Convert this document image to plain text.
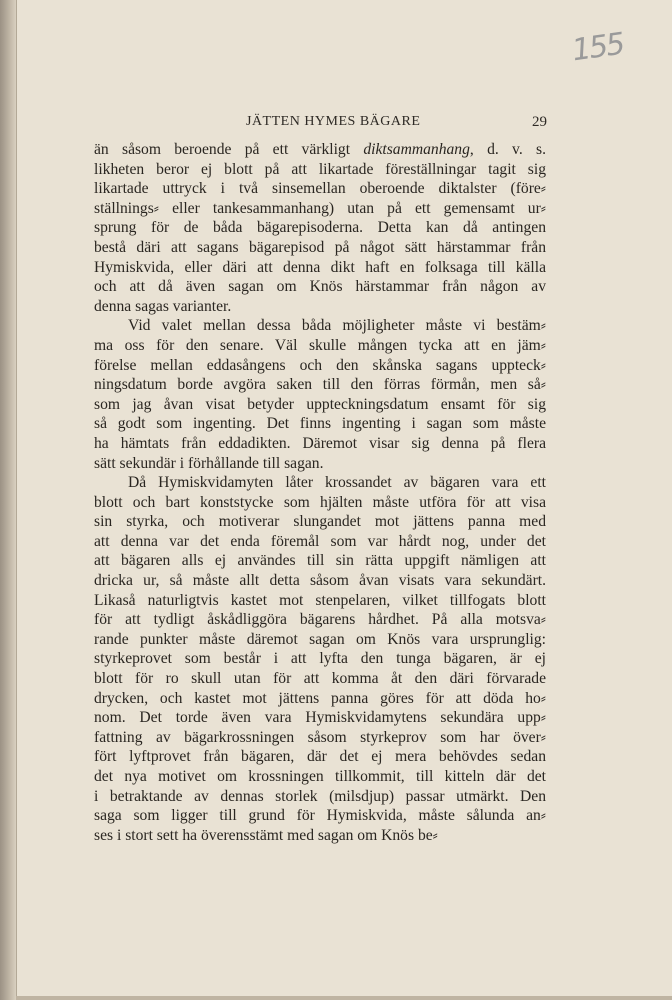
155
JÄTTEN HYMES BÄGARE	29
än såsom beroende på ett värkligt diktsammanhang, d. v. s.
likheten beror ej blott på att likartade föreställningar tagit sig
likartade uttryck i två sinsemellan oberoende diktalster (före⸗
ställnings⸗ eller tankesammanhang) utan på ett gemensamt ur⸗
sprung för de båda bägarepisoderna. Detta kan då antingen
bestå däri att sagans bägarepisod på något sätt härstammar från
Hymiskvida, eller däri att denna dikt haft en folksaga till källa
och att då även sagan om Knös härstammar från någon av
denna sagas varianter.
Vid valet mellan dessa båda möjligheter måste vi bestäm⸗
ma oss för den senare. Väl skulle mången tycka att en jäm⸗
förelse mellan eddasångens och den skånska sagans uppteck⸗
ningsdatum borde avgöra saken till den förras förmån, men så⸗
som jag åvan visat betyder uppteckningsdatum ensamt för sig
så godt som ingenting. Det finns ingenting i sagan som måste
ha hämtats från eddadikten. Däremot visar sig denna på flera
sätt sekundär i förhållande till sagan.
Då Hymiskvidamyten låter krossandet av bägaren vara ett
blott och bart konststycke som hjälten måste utföra för att visa
sin styrka, och motiverar slungandet mot jättens panna med
att denna var det enda föremål som var hårdt nog, under det
att bägaren alls ej användes till sin rätta uppgift nämligen att
dricka ur, så måste allt detta såsom åvan visats vara sekundärt.
Likaså naturligtvis kastet mot stenpelaren, vilket tillfogats blott
för att tydligt åskådliggöra bägarens hårdhet. På alla motsva⸗
rande punkter måste däremot sagan om Knös vara ursprunglig:
styrkeprovet som består i att lyfta den tunga bägaren, är ej
blott för ro skull utan för att komma åt den däri förvarade
drycken, och kastet mot jättens panna göres för att döda ho⸗
nom. Det torde även vara Hymiskvidamytens sekundära upp⸗
fattning av bägarkrossningen såsom styrkeprov som har över⸗
fört lyftprovet från bägaren, där det ej mera behövdes sedan
det nya motivet om krossningen tillkommit, till kitteln där det
i betraktande av dennas storlek (milsdjup) passar utmärkt. Den
saga som ligger till grund för Hymiskvida, måste sålunda an⸗
ses i stort sett ha överensstämt med sagan om Knös be⸗
